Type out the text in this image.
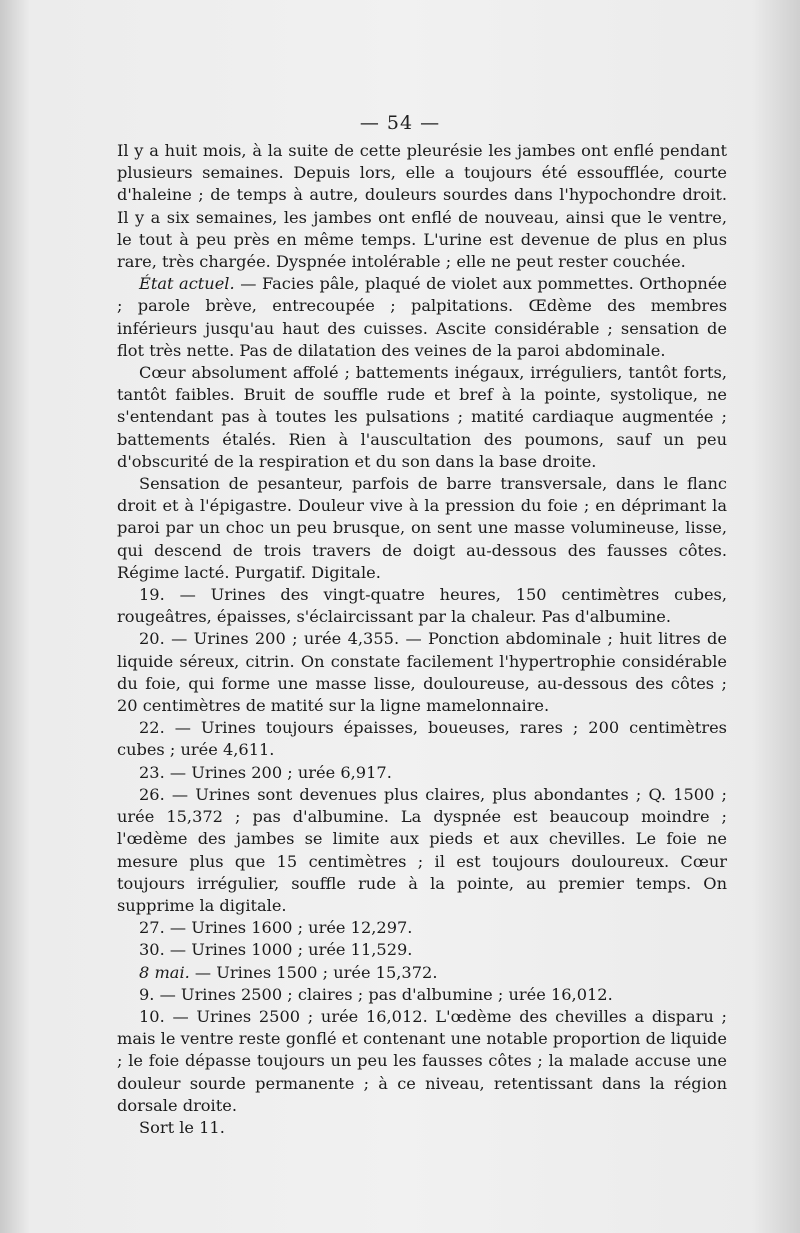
— 54 —

Il y a huit mois, à la suite de cette pleurésie les jambes ont enflé pendant plusieurs semaines. Depuis lors, elle a toujours été essoufflée, courte d'haleine ; de temps à autre, douleurs sourdes dans l'hypochondre droit. Il y a six semaines, les jambes ont enflé de nouveau, ainsi que le ventre, le tout à peu près en même temps. L'urine est devenue de plus en plus rare, très chargée. Dyspnée intolérable ; elle ne peut rester couchée.

État actuel. — Facies pâle, plaqué de violet aux pommettes. Orthopnée ; parole brève, entrecoupée ; palpitations. Œdème des membres inférieurs jusqu'au haut des cuisses. Ascite considérable ; sensation de flot très nette. Pas de dilatation des veines de la paroi abdominale.

Cœur absolument affolé ; battements inégaux, irréguliers, tantôt forts, tantôt faibles. Bruit de souffle rude et bref à la pointe, systolique, ne s'entendant pas à toutes les pulsations ; matité cardiaque augmentée ; battements étalés. Rien à l'auscultation des poumons, sauf un peu d'obscurité de la respiration et du son dans la base droite.

Sensation de pesanteur, parfois de barre transversale, dans le flanc droit et à l'épigastre. Douleur vive à la pression du foie ; en déprimant la paroi par un choc un peu brusque, on sent une masse volumineuse, lisse, qui descend de trois travers de doigt au-dessous des fausses côtes. Régime lacté. Purgatif. Digitale.

19. — Urines des vingt-quatre heures, 150 centimètres cubes, rougeâtres, épaisses, s'éclaircissant par la chaleur. Pas d'albumine.

20. — Urines 200 ; urée 4,355. — Ponction abdominale ; huit litres de liquide séreux, citrin. On constate facilement l'hypertrophie considérable du foie, qui forme une masse lisse, douloureuse, au-dessous des côtes ; 20 centimètres de matité sur la ligne mamelonnaire.

22. — Urines toujours épaisses, boueuses, rares ; 200 centimètres cubes ; urée 4,611.

23. — Urines 200 ; urée 6,917.

26. — Urines sont devenues plus claires, plus abondantes ; Q. 1500 ; urée 15,372 ; pas d'albumine. La dyspnée est beaucoup moindre ; l'œdème des jambes se limite aux pieds et aux chevilles. Le foie ne mesure plus que 15 centimètres ; il est toujours douloureux. Cœur toujours irrégulier, souffle rude à la pointe, au premier temps. On supprime la digitale.

27. — Urines 1600 ; urée 12,297.

30. — Urines 1000 ; urée 11,529.

8 mai. — Urines 1500 ; urée 15,372.

9. — Urines 2500 ; claires ; pas d'albumine ; urée 16,012.

10. — Urines 2500 ; urée 16,012. L'œdème des chevilles a disparu ; mais le ventre reste gonflé et contenant une notable proportion de liquide ; le foie dépasse toujours un peu les fausses côtes ; la malade accuse une douleur sourde permanente ; à ce niveau, retentissant dans la région dorsale droite.

Sort le 11.
